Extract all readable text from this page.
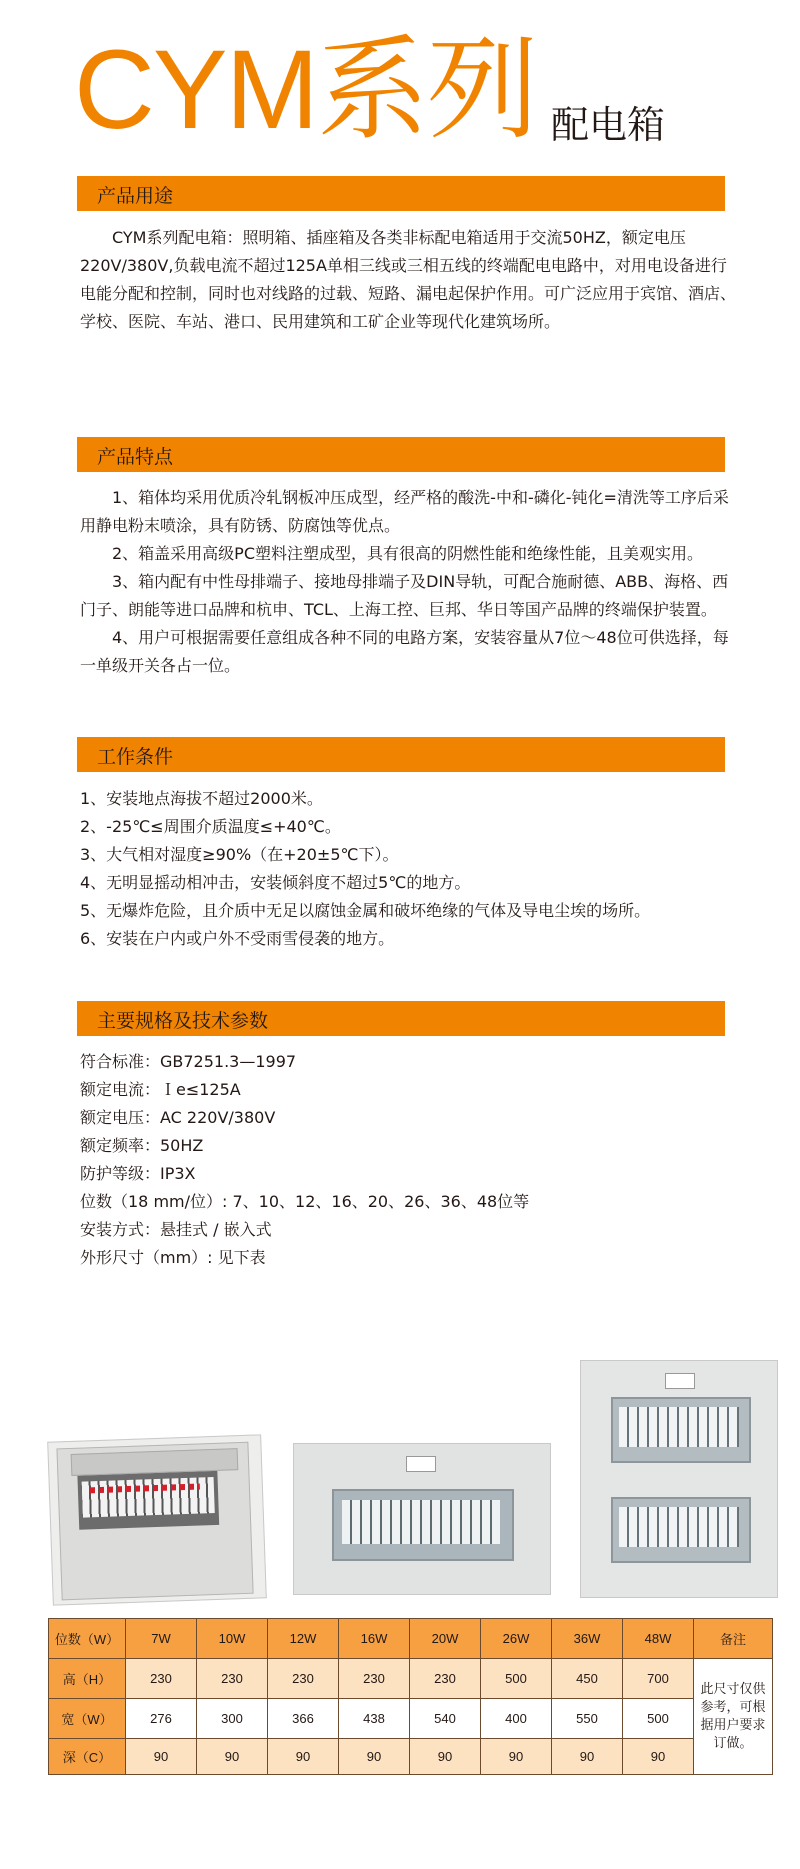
CYM系列 配电箱
产品用途

CYM系列配电箱：照明箱、插座箱及各类非标配电箱适用于交流50HZ，额定电压220V/380V,负载电流不超过125A单相三线或三相五线的终端配电电路中，对用电设备进行电能分配和控制，同时也对线路的过载、短路、漏电起保护作用。可广泛应用于宾馆、酒店、学校、医院、车站、港口、民用建筑和工矿企业等现代化建筑场所。

产品特点

1、箱体均采用优质冷轧钢板冲压成型，经严格的酸洗-中和-磷化-钝化=清洗等工序后采用静电粉末喷涂，具有防锈、防腐蚀等优点。

2、箱盖采用高级PC塑料注塑成型，具有很高的阴燃性能和绝缘性能，且美观实用。

3、箱内配有中性母排端子、接地母排端子及DIN导轨，可配合施耐德、ABB、海格、西门子、朗能等进口品牌和杭申、TCL、上海工控、巨邦、华日等国产品牌的终端保护装置。

4、用户可根据需要任意组成各种不同的电路方案，安装容量从7位～48位可供选择，每一单级开关各占一位。

工作条件
1、安装地点海拔不超过2000米。
2、-25℃≤周围介质温度≤+40℃。
3、大气相对湿度≥90%（在+20±5℃下）。
4、无明显摇动相冲击，安装倾斜度不超过5℃的地方。
5、无爆炸危险，且介质中无足以腐蚀金属和破坏绝缘的气体及导电尘埃的场所。
6、安装在户内或户外不受雨雪侵袭的地方。
主要规格及技术参数
符合标准：GB7251.3—1997
额定电流：Ｉe≤125A
额定电压：AC 220V/380V
额定频率：50HZ
防护等级：IP3X
位数（18 mm/位）: 7、10、12、16、20、26、36、48位等
安装方式：悬挂式 / 嵌入式
外形尺寸（mm）: 见下表
位数（W）	7W	10W	12W	16W	20W	26W	36W	48W	备注
高（H）	230	230	230	230	230	500	450	700	此尺寸仅供参考，可根据用户要求订做。
宽（W）	276	300	366	438	540	400	550	500	
深（C）	90	90	90	90	90	90	90	90	
